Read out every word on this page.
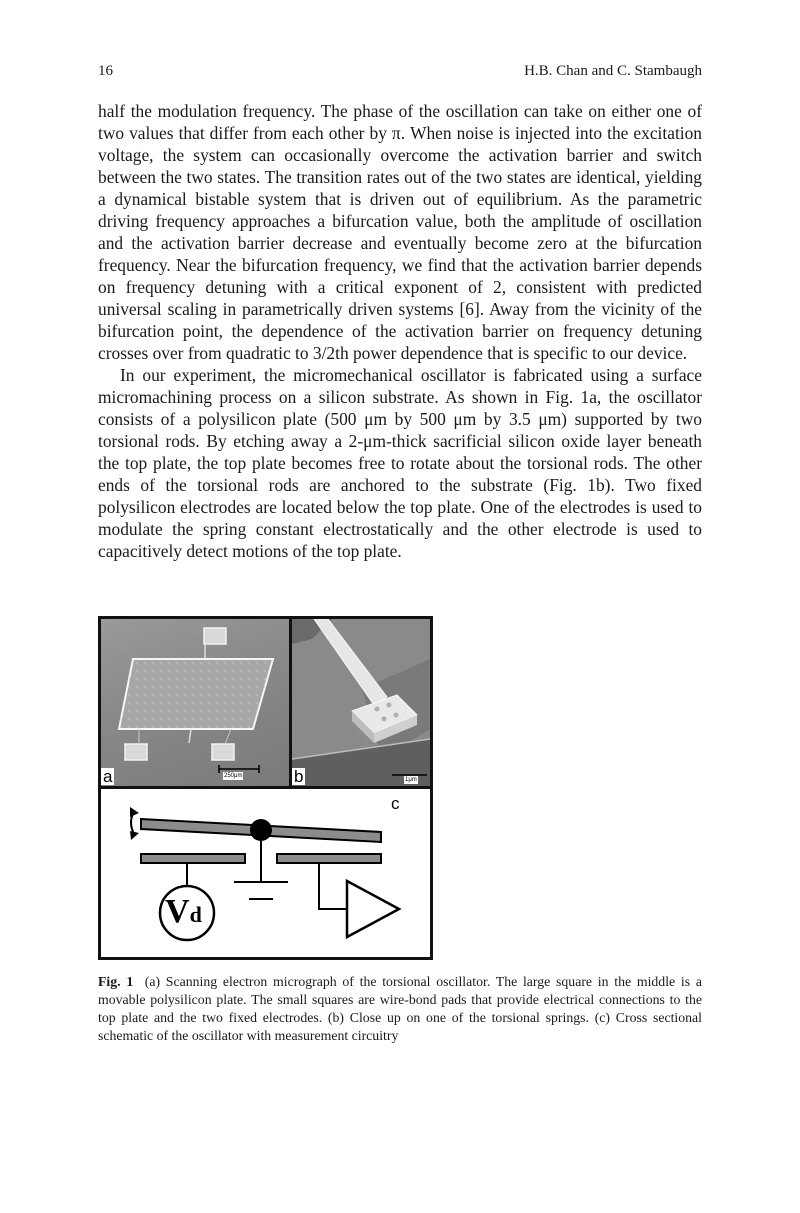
16	H.B. Chan and C. Stambaugh

half the modulation frequency. The phase of the oscillation can take on either one of two values that differ from each other by π. When noise is injected into the excitation voltage, the system can occasionally overcome the activation barrier and switch between the two states. The transition rates out of the two states are identical, yielding a dynamical bistable system that is driven out of equilibrium. As the parametric driving frequency approaches a bifurcation value, both the amplitude of oscillation and the activation barrier decrease and eventually become zero at the bifurcation frequency. Near the bifurcation frequency, we find that the activation barrier depends on frequency detuning with a critical exponent of 2, consistent with predicted universal scaling in parametrically driven systems [6]. Away from the vicinity of the bifurcation point, the dependence of the activation barrier on frequency detuning crosses over from quadratic to 3/2th power dependence that is specific to our device.

In our experiment, the micromechanical oscillator is fabricated using a surface micromachining process on a silicon substrate. As shown in Fig. 1a, the oscillator consists of a polysilicon plate (500 μm by 500 μm by 3.5 μm) supported by two torsional rods. By etching away a 2-μm-thick sacrificial silicon oxide layer beneath the top plate, the top plate becomes free to rotate about the torsional rods. The other ends of the torsional rods are anchored to the substrate (Fig. 1b). Two fixed polysilicon electrodes are located below the top plate. One of the electrodes is used to modulate the spring constant electrostatically and the other electrode is used to capacitively detect motions of the top plate.

250μm
a	1μm
b
Vd
c
Fig. 1 (a) Scanning electron micrograph of the torsional oscillator. The large square in the middle is a movable polysilicon plate. The small squares are wire-bond pads that provide electrical connections to the top plate and the two fixed electrodes. (b) Close up on one of the torsional springs. (c) Cross sectional schematic of the oscillator with measurement circuitry
